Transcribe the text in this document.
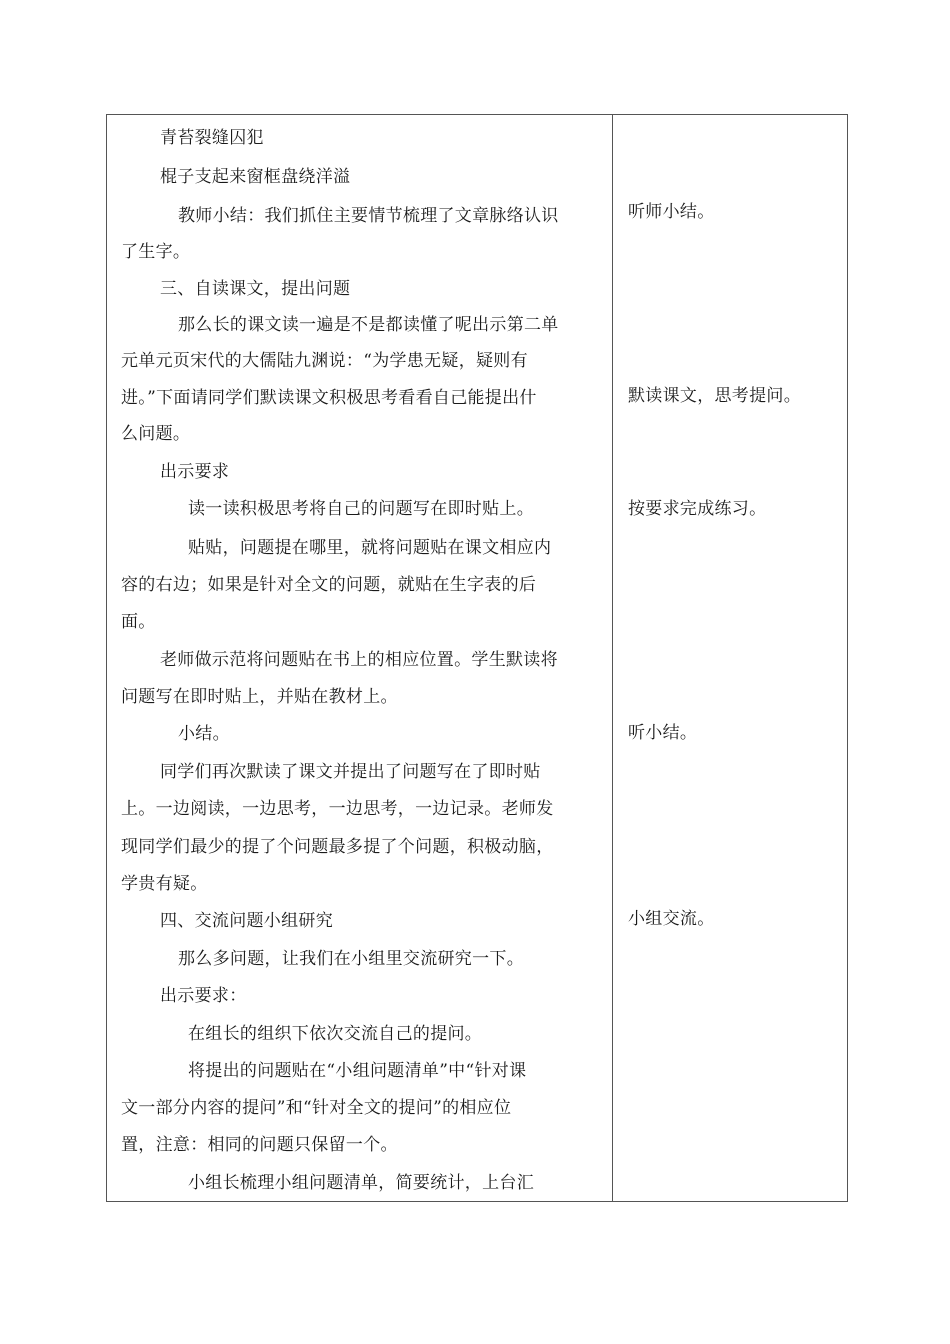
青苔裂缝囚犯
棍子支起来窗框盘绕洋溢
教师小结：我们抓住主要情节梳理了文章脉络认识
了生字。
三、自读课文，提出问题
那么长的课文读一遍是不是都读懂了呢出示第二单
元单元页宋代的大儒陆九渊说：“为学患无疑，疑则有
进。”下面请同学们默读课文积极思考看看自己能提出什
么问题。
出示要求
读一读积极思考将自己的问题写在即时贴上。
贴贴，问题提在哪里，就将问题贴在课文相应内
容的右边；如果是针对全文的问题，就贴在生字表的后
面。
老师做示范将问题贴在书上的相应位置。学生默读将
问题写在即时贴上，并贴在教材上。
小结。
同学们再次默读了课文并提出了问题写在了即时贴
上。一边阅读，一边思考，一边思考，一边记录。老师发
现同学们最少的提了个问题最多提了个问题，积极动脑，
学贵有疑。
四、交流问题小组研究
那么多问题，让我们在小组里交流研究一下。
出示要求：
在组长的组织下依次交流自己的提问。
将提出的问题贴在“小组问题清单”中“针对课
文一部分内容的提问”和“针对全文的提问”的相应位
置，注意：相同的问题只保留一个。
小组长梳理小组问题清单，简要统计，上台汇
听师小结。
默读课文，思考提问。
按要求完成练习。
听小结。
小组交流。
